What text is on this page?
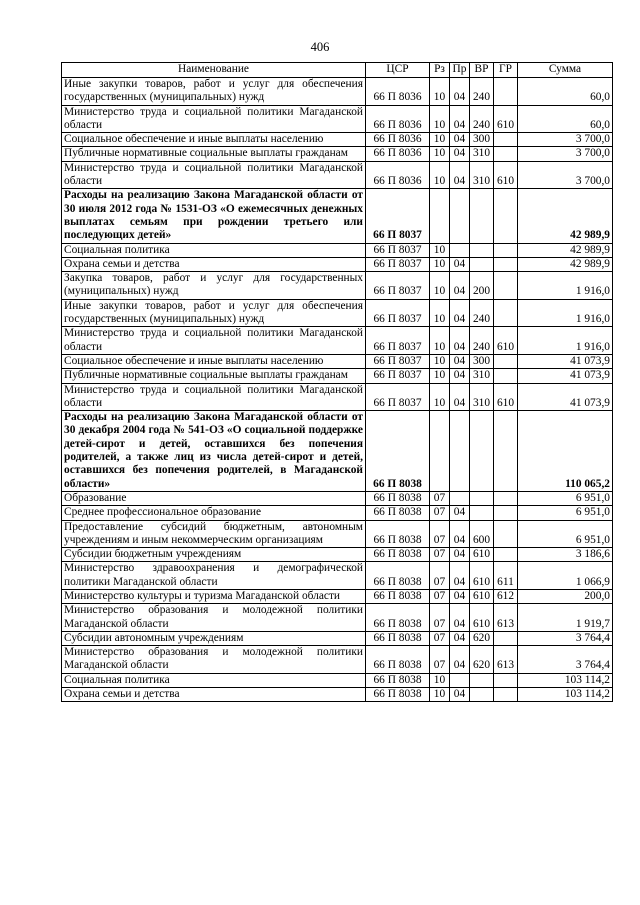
406
Наименование	ЦСР	Рз	Пр	ВР	ГР	Сумма
Иные закупки товаров, работ и услуг для обеспечения государственных (муниципальных) нужд	66 П 8036	10	04	240		60,0
Министерство труда и социальной политики Магаданской области	66 П 8036	10	04	240	610	60,0
Социальное обеспечение и иные выплаты населению	66 П 8036	10	04	300		3 700,0
Публичные нормативные социальные выплаты гражданам	66 П 8036	10	04	310		3 700,0
Министерство труда и социальной политики Магаданской области	66 П 8036	10	04	310	610	3 700,0
Расходы на реализацию Закона Магаданской области от 30 июля 2012 года № 1531-ОЗ «О ежемесячных денежных выплатах семьям при рождении третьего или последующих детей»	66 П 8037					42 989,9
Социальная политика	66 П 8037	10				42 989,9
Охрана семьи и детства	66 П 8037	10	04			42 989,9
Закупка товаров, работ и услуг для государственных (муниципальных) нужд	66 П 8037	10	04	200		1 916,0
Иные закупки товаров, работ и услуг для обеспечения государственных (муниципальных) нужд	66 П 8037	10	04	240		1 916,0
Министерство труда и социальной политики Магаданской области	66 П 8037	10	04	240	610	1 916,0
Социальное обеспечение и иные выплаты населению	66 П 8037	10	04	300		41 073,9
Публичные нормативные социальные выплаты гражданам	66 П 8037	10	04	310		41 073,9
Министерство труда и социальной политики Магаданской области	66 П 8037	10	04	310	610	41 073,9
Расходы на реализацию Закона Магаданской области от 30 декабря 2004 года № 541-ОЗ «О социальной поддержке детей-сирот и детей, оставшихся без попечения родителей, а также лиц из числа детей-сирот и детей, оставшихся без попечения родителей, в Магаданской области»	66 П 8038					110 065,2
Образование	66 П 8038	07				6 951,0
Среднее профессиональное образование	66 П 8038	07	04			6 951,0
Предоставление субсидий бюджетным, автономным учреждениям и иным некоммерческим организациям	66 П 8038	07	04	600		6 951,0
Субсидии бюджетным учреждениям	66 П 8038	07	04	610		3 186,6
Министерство здравоохранения и демографической политики Магаданской области	66 П 8038	07	04	610	611	1 066,9
Министерство культуры и туризма Магаданской области	66 П 8038	07	04	610	612	200,0
Министерство образования и молодежной политики Магаданской области	66 П 8038	07	04	610	613	1 919,7
Субсидии автономным учреждениям	66 П 8038	07	04	620		3 764,4
Министерство образования и молодежной политики Магаданской области	66 П 8038	07	04	620	613	3 764,4
Социальная политика	66 П 8038	10				103 114,2
Охрана семьи и детства	66 П 8038	10	04			103 114,2
